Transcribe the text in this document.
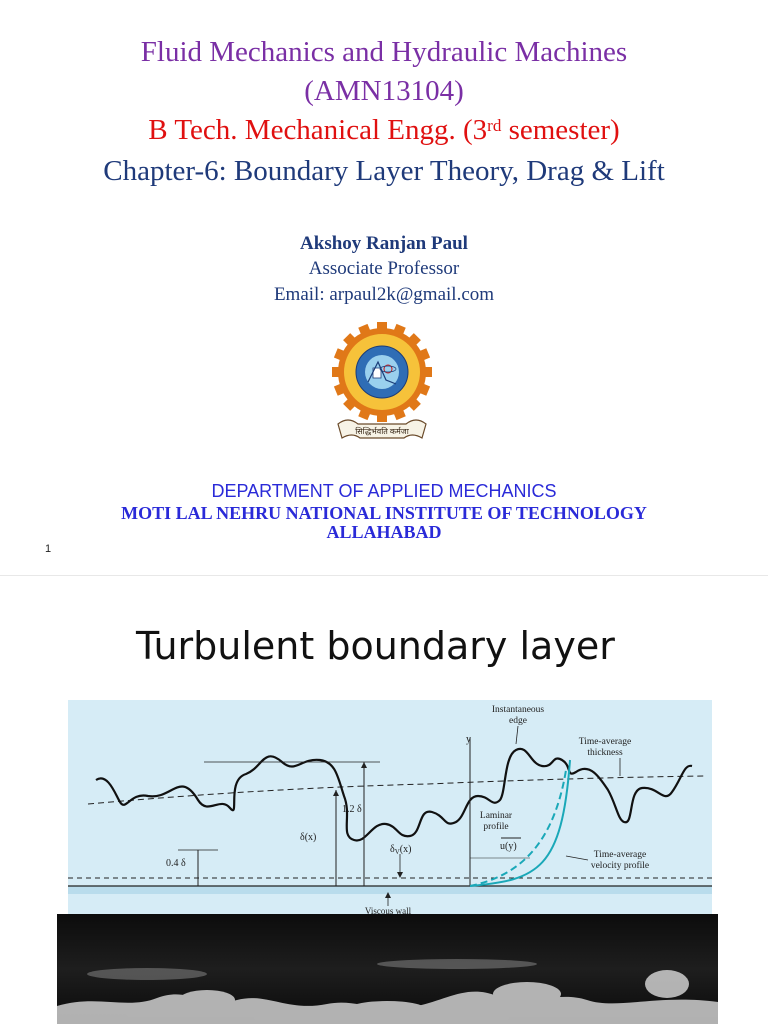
Fluid Mechanics and Hydraulic Machines
(AMN13104)
B Tech. Mechanical Engg. (3rd semester)
Chapter-6: Boundary Layer Theory, Drag & Lift
Akshoy Ranjan Paul
Associate Professor
Email: arpaul2k@gmail.com
सिद्धिर्भवति कर्मजा
DEPARTMENT OF APPLIED MECHANICS
MOTI LAL NEHRU NATIONAL INSTITUTE OF TECHNOLOGY
ALLAHABAD
1
Turbulent boundary layer
y
Instantaneous
edge
Time-average
thickness
1.2 δ
δ(x)
0.4 δ
$\delta_V(x)$
Laminar
profile
u(y)
Time-average
velocity profile
Viscous wall
